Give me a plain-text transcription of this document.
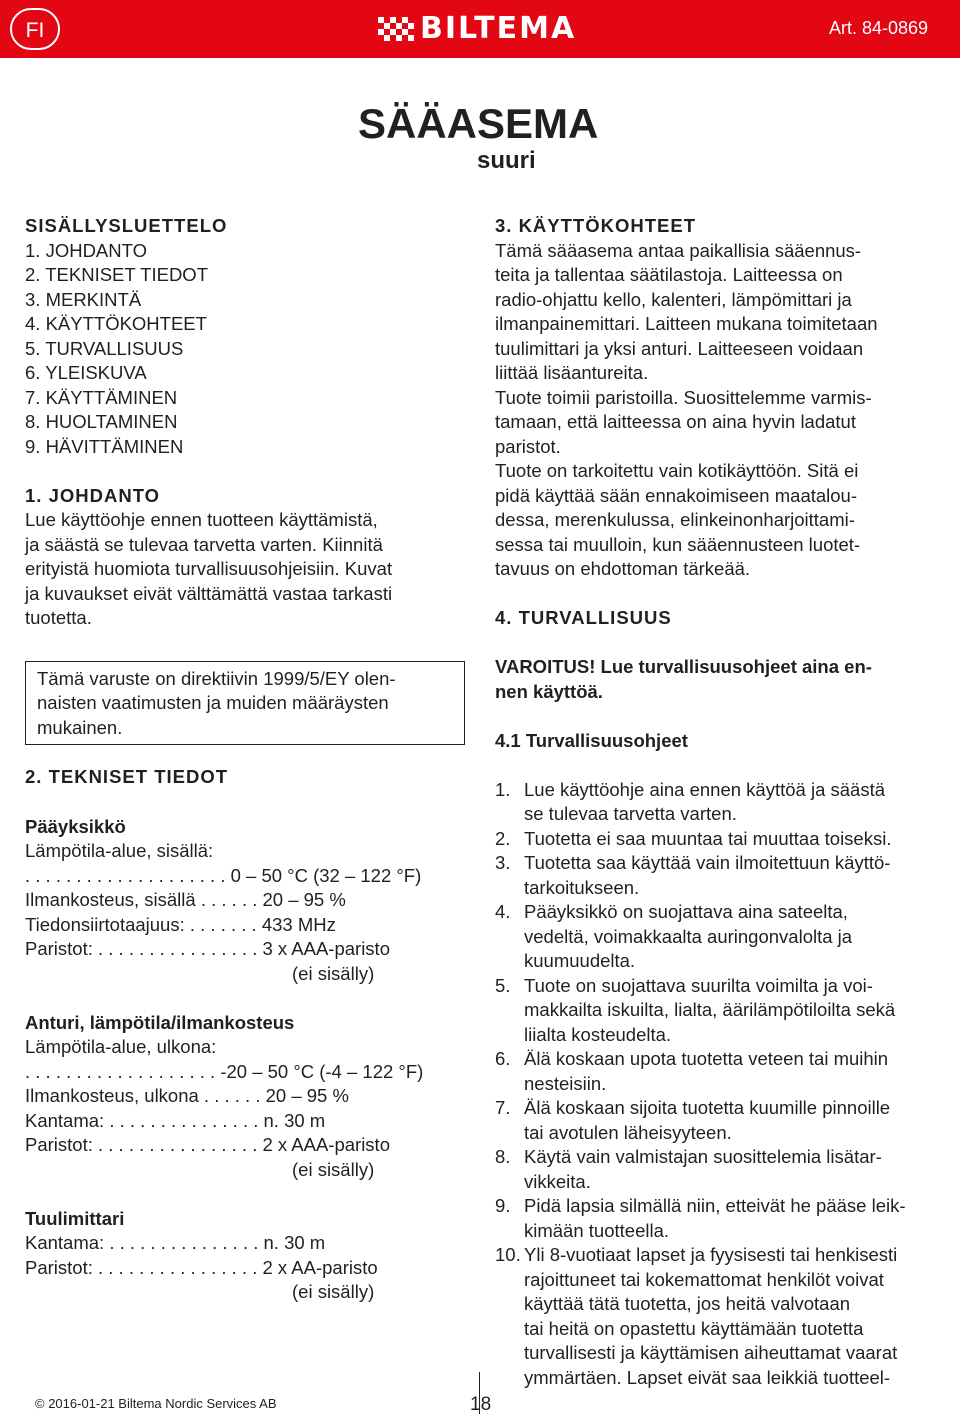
FI	BILTEMA	Art. 84-0869
SÄÄASEMA
suuri
SISÄLLYSLUETTELO
1. JOHDANTO
2. TEKNISET TIEDOT
3. MERKINTÄ
4. KÄYTTÖKOHTEET
5. TURVALLISUUS
6. YLEISKUVA
7. KÄYTTÄMINEN
8. HUOLTAMINEN
9. HÄVITTÄMINEN
1. JOHDANTO
Lue käyttöohje ennen tuotteen käyttämistä,
ja säästä se tulevaa tarvetta varten. Kiinnitä
erityistä huomiota turvallisuusohjeisiin. Kuvat
ja kuvaukset eivät välttämättä vastaa tarkasti
tuotetta.
Tämä varuste on direktiivin 1999/5/EY olen-
naisten vaatimusten ja muiden määräysten
mukainen.
2. TEKNISET TIEDOT
Pääyksikkö
Lämpötila-alue, sisällä:
. . . . . . . . . . . . . . . . . . . . 0 – 50 °C (32 – 122 °F)
Ilmankosteus, sisällä . . . . . . 20 – 95 %
Tiedonsiirtotaajuus: . . . . . . . 433 MHz
Paristot: . . . . . . . . . . . . . . . . 3 x AAA-paristo
(ei sisälly)
Anturi, lämpötila/ilmankosteus
Lämpötila-alue, ulkona:
. . . . . . . . . . . . . . . . . . . -20 – 50 °C (-4 – 122 °F)
Ilmankosteus, ulkona . . . . . . 20 – 95 %
Kantama: . . . . . . . . . . . . . . . n. 30 m
Paristot: . . . . . . . . . . . . . . . . 2 x AAA-paristo
(ei sisälly)
Tuulimittari
Kantama: . . . . . . . . . . . . . . . n. 30 m
Paristot: . . . . . . . . . . . . . . . . 2 x AA-paristo
(ei sisälly)
3. KÄYTTÖKOHTEET
Tämä sääasema antaa paikallisia sääennus-
teita ja tallentaa säätilastoja. Laitteessa on
radio-ohjattu kello, kalenteri, lämpömittari ja
ilmanpainemittari. Laitteen mukana toimitetaan
tuulimittari ja yksi anturi. Laitteeseen voidaan
liittää lisäantureita.
Tuote toimii paristoilla. Suosittelemme varmis-
tamaan, että laitteessa on aina hyvin ladatut
paristot.
Tuote on tarkoitettu vain kotikäyttöön. Sitä ei
pidä käyttää sään ennakoimiseen maatalou-
dessa, merenkulussa, elinkeinonharjoittami-
sessa tai muulloin, kun sääennusteen luotet-
tavuus on ehdottoman tärkeää.
4. TURVALLISUUS
VAROITUS! Lue turvallisuusohjeet aina en-
nen käyttöä.
4.1 Turvallisuusohjeet
1. Lue käyttöohje aina ennen käyttöä ja säästä
se tulevaa tarvetta varten.
2. Tuotetta ei saa muuntaa tai muuttaa toiseksi.
3. Tuotetta saa käyttää vain ilmoitettuun käyttö-
tarkoitukseen.
4. Pääyksikkö on suojattava aina sateelta,
vedeltä, voimakkaalta auringonvalolta ja
kuumuudelta.
5. Tuote on suojattava suurilta voimilta ja voi-
makkailta iskuilta, lialta, äärilämpötiloilta sekä
liialta kosteudelta.
6. Älä koskaan upota tuotetta veteen tai muihin
nesteisiin.
7. Älä koskaan sijoita tuotetta kuumille pinnoille
tai avotulen läheisyyteen.
8. Käytä vain valmistajan suosittelemia lisätar-
vikkeita.
9. Pidä lapsia silmällä niin, etteivät he pääse leik-
kimään tuotteella.
10. Yli 8-vuotiaat lapset ja fyysisesti tai henkisesti
rajoittuneet tai kokemattomat henkilöt voivat
käyttää tätä tuotetta, jos heitä valvotaan
tai heitä on opastettu käyttämään tuotetta
turvallisesti ja käyttämisen aiheuttamat vaarat
ymmärtäen. Lapset eivät saa leikkiä tuotteel-
© 2016-01-21 Biltema Nordic Services AB	18
